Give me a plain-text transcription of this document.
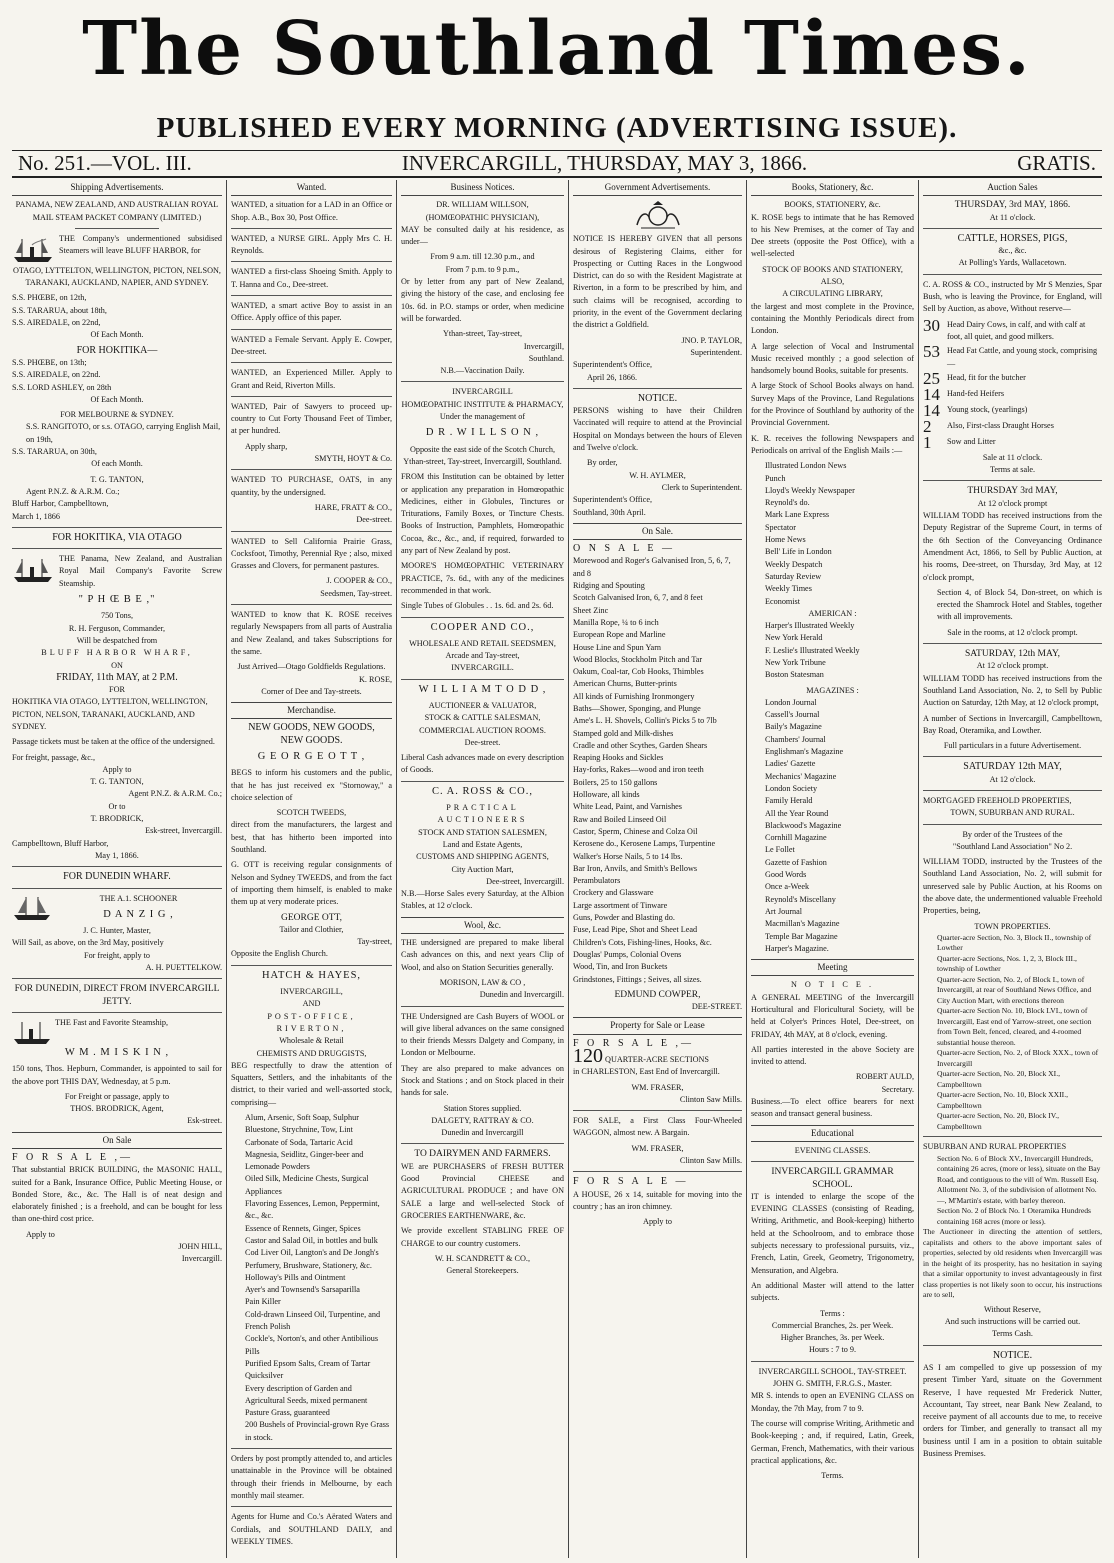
The Southland Times.
PUBLISHED EVERY MORNING (ADVERTISING ISSUE).
No. 251.—VOL. III.	INVERCARGILL, THURSDAY, MAY 3, 1866.	GRATIS.
Shipping Advertisements.
PANAMA, NEW ZEALAND, AND AUSTRALIAN ROYAL MAIL STEAM PACKET COMPANY (LIMITED.)
THE Company's undermentioned subsidised Steamers will leave BLUFF HARBOR, for
OTAGO, LYTTELTON, WELLINGTON, PICTON, NELSON, TARANAKI, AUCKLAND, NAPIER, AND SYDNEY.
S.S. PHŒBE, on 12th,
S.S. TARARUA, about 18th,
S.S. AIREDALE, on 22nd,
Of Each Month.
FOR HOKITIKA—
S.S. PHŒBE, on 13th;
S.S. AIREDALE, on 22nd.
S.S. LORD ASHLEY, on 28th
Of Each Month.
FOR MELBOURNE & SYDNEY.
S.S. RANGITOTO, or s.s. OTAGO, carrying English Mail, on 19th,
S.S. TARARUA, on 30th,
Of each Month.
T. G. TANTON,
Agent P.N.Z. & A.R.M. Co.;
Bluff Harbor, Campbelltown,
March 1, 1866
FOR HOKITIKA, VIA OTAGO
THE Panama, New Zealand, and Australian Royal Mail Company's Favorite Screw Steamship.
" P H Œ B E ,"
750 Tons,
R. H. Ferguson, Commander,
Will be despatched from
BLUFF HARBOR WHARF,
ON
FRIDAY, 11th MAY, at 2 P.M.
FOR
HOKITIKA VIA OTAGO, LYTTELTON, WELLINGTON, PICTON, NELSON, TARANAKI, AUCKLAND, AND SYDNEY.
Passage tickets must be taken at the office of the undersigned.
For freight, passage, &c.,
Apply to
T. G. TANTON,
Agent P.N.Z. & A.R.M. Co.;
Or to
T. BRODRICK,
Esk-street, Invercargill.
Campbelltown, Bluff Harbor,
May 1, 1866.
FOR DUNEDIN WHARF.
THE A.1. SCHOONER
D A N Z I G ,
J. C. Hunter, Master,
Will Sail, as above, on the 3rd May, positively
For freight, apply to
A. H. PUETTELKOW.
FOR DUNEDIN, DIRECT FROM INVERCARGILL JETTY.
THE Fast and Favorite Steamship,
W M . M I S K I N ,
150 tons, Thos. Hepburn, Commander, is appointed to sail for the above port THIS DAY, Wednesday, at 5 p.m.
For Freight or passage, apply to
THOS. BRODRICK, Agent,
Esk-street.
On Sale
F O R S A L E ,—
That substantial BRICK BUILDING, the MASONIC HALL, suited for a Bank, Insurance Office, Public Meeting House, or Bonded Store, &c., &c. The Hall is of neat design and elaborately finished ; is a freehold, and can be bought for less than one-third cost price.
Apply to
JOHN HILL,
Invercargill.
Wanted.
WANTED, a situation for a LAD in an Office or Shop. A.B., Box 30, Post Office.
WANTED, a NURSE GIRL. Apply Mrs C. H. Reynolds.
WANTED a first-class Shoeing Smith. Apply to T. Hanna and Co., Dee-street.
WANTED, a smart active Boy to assist in an Office. Apply office of this paper.
WANTED a Female Servant. Apply E. Cowper, Dee-street.
WANTED, an Experienced Miller. Apply to Grant and Reid, Riverton Mills.
WANTED, Pair of Sawyers to proceed up-country to Cut Forty Thousand Feet of Timber, at per hundred.
Apply sharp,
SMYTH, HOYT & Co.
WANTED TO PURCHASE, OATS, in any quantity, by the undersigned.
HARE, FRATT & CO.,
Dee-street.
WANTED to Sell California Prairie Grass, Cocksfoot, Timothy, Perennial Rye ; also, mixed Grasses and Clovers, for permanent pastures.
J. COOPER & CO.,
Seedsmen, Tay-street.
WANTED to know that K. ROSE receives regularly Newspapers from all parts of Australia and New Zealand, and takes Subscriptions for the same.
Just Arrived—Otago Goldfields Regulations.
K. ROSE,
Corner of Dee and Tay-streets.
Merchandise.
NEW GOODS, NEW GOODS,
NEW GOODS.
G E O R G E O T T ,
BEGS to inform his customers and the public, that he has just received ex "Stornoway," a choice selection of
SCOTCH TWEEDS,
direct from the manufacturers, the largest and best, that has hitherto been imported into Southland.
G. OTT is receiving regular consignments of Nelson and Sydney TWEEDS, and from the fact of importing them himself, is enabled to make them up at very moderate prices.
GEORGE OTT,
Tailor and Clothier,
Tay-street,
Opposite the English Church.
HATCH & HAYES,
INVERCARGILL,
AND
POST-OFFICE, RIVERTON,
Wholesale & Retail
CHEMISTS AND DRUGGISTS,
BEG respectfully to draw the attention of Squatters, Settlers, and the inhabitants of the district, to their varied and well-assorted stock, comprising—
Alum, Arsenic, Soft Soap, Sulphur
Bluestone, Strychnine, Tow, Lint
Carbonate of Soda, Tartaric Acid
Magnesia, Seidlitz, Ginger-beer and Lemonade Powders
Oiled Silk, Medicine Chests, Surgical Appliances
Flavoring Essences, Lemon, Peppermint, &c., &c.
Essence of Rennets, Ginger, Spices
Castor and Salad Oil, in bottles and bulk
Cod Liver Oil, Langton's and De Jongh's
Perfumery, Brushware, Stationery, &c.
Holloway's Pills and Ointment
Ayer's and Townsend's Sarsaparilla
Pain Killer
Cold-drawn Linseed Oil, Turpentine, and French Polish
Cockle's, Norton's, and other Antibilious Pills
Purified Epsom Salts, Cream of Tartar
Quicksilver
Every description of Garden and Agricultural Seeds, mixed permanent Pasture Grass, guaranteed
200 Bushels of Provincial-grown Rye Grass in stock.
Orders by post promptly attended to, and articles unattainable in the Province will be obtained through their friends in Melbourne, by each monthly mail steamer.
Agents for Hume and Co.'s Aërated Waters and Cordials, and SOUTHLAND DAILY, and WEEKLY TIMES.
Business Notices.
DR. WILLIAM WILLSON,
(HOMŒOPATHIC PHYSICIAN),
MAY be consulted daily at his residence, as under—
From 9 a.m. till 12.30 p.m., and
From 7 p.m. to 9 p.m.,
Or by letter from any part of New Zealand, giving the history of the case, and enclosing fee 10s. 6d. in P.O. stamps or order, when medicine will be forwarded.
Ythan-street, Tay-street,
Invercargill,
Southland.
N.B.—Vaccination Daily.
INVERCARGILL
HOMŒOPATHIC INSTITUTE & PHARMACY,
Under the management of
D R . W I L L S O N ,
Opposite the east side of the Scotch Church, Ythan-street, Tay-street, Invercargill, Southland.
FROM this Institution can be obtained by letter or application any preparation in Homœopathic Medicines, either in Globules, Tinctures or Triturations, Family Boxes, or Tincture Chests. Books of Instruction, Pamphlets, Homœopathic Cocoa, &c., &c., and, if required, forwarded to any part of New Zealand by post.
MOORE'S HOMŒOPATHIC VETERINARY PRACTICE, 7s. 6d., with any of the medicines recommended in that work.
Single Tubes of Globules . . 1s. 6d. and 2s. 6d.
COOPER AND CO.,
WHOLESALE AND RETAIL SEEDSMEN,
Arcade and Tay-street,
INVERCARGILL.
W I L L I A M T O D D ,
AUCTIONEER & VALUATOR,
STOCK & CATTLE SALESMAN,
COMMERCIAL AUCTION ROOMS.
Dee-street.
Liberal Cash advances made on every description of Goods.
C. A. ROSS & CO.,
PRACTICAL AUCTIONEERS
STOCK AND STATION SALESMEN,
Land and Estate Agents,
CUSTOMS AND SHIPPING AGENTS,
City Auction Mart,
Dee-street, Invercargill.
N.B.—Horse Sales every Saturday, at the Albion Stables, at 12 o'clock.
Wool, &c.
THE undersigned are prepared to make liberal Cash advances on this, and next years Clip of Wool, and also on Station Securities generally.
MORISON, LAW & CO ,
Dunedin and Invercargill.
THE Undersigned are Cash Buyers of WOOL or will give liberal advances on the same consigned to their friends Messrs Dalgety and Company, in London or Melbourne.
They are also prepared to make advances on Stock and Stations ; and on Stock placed in their hands for sale.
Station Stores supplied.
DALGETY, RATTRAY & CO.
Dunedin and Invercargill
TO DAIRYMEN AND FARMERS.
WE are PURCHASERS of FRESH BUTTER Good Provincial CHEESE and AGRICULTURAL PRODUCE ; and have ON SALE a large and well-selected Stock of GROCERIES EARTHENWARE, &c.
We provide excellent STABLING FREE OF CHARGE to our country customers.
W. H. SCANDRETT & CO.,
General Storekeepers.
Government Advertisements.
NOTICE IS HEREBY GIVEN that all persons desirous of Registering Claims, either for Prospecting or Cutting Races in the Longwood District, can do so with the Resident Magistrate at Riverton, in a form to be prescribed by him, and such claims will be recognised, according to priority, in the event of the Government declaring the district a Goldfield.
JNO. P. TAYLOR,
Superintendent.
Superintendent's Office,
April 26, 1866.
NOTICE.
PERSONS wishing to have their Children Vaccinated will require to attend at the Provincial Hospital on Mondays between the hours of Eleven and Twelve o'clock.
By order,
W. H. AYLMER,
Clerk to Superintendent.
Superintendent's Office,
Southland, 30th April.
On Sale.
O N S A L E —
Morewood and Roger's Galvanised Iron, 5, 6, 7, and 8
Ridging and Spouting
Scotch Galvanised Iron, 6, 7, and 8 feet
Sheet Zinc
Manilla Rope, ¼ to 6 inch
European Rope and Marline
House Line and Spun Yarn
Wood Blocks, Stockholm Pitch and Tar
Oakum, Coal-tar, Cob Hooks, Thimbles
American Churns, Butter-prints
All kinds of Furnishing Ironmongery
Baths—Shower, Sponging, and Plunge
Ame's L. H. Shovels, Collin's Picks 5 to 7lb
Stamped gold and Milk-dishes
Cradle and other Scythes, Garden Shears
Reaping Hooks and Sickles
Hay-forks, Rakes—wood and iron teeth
Boilers, 25 to 150 gallons
Holloware, all kinds
White Lead, Paint, and Varnishes
Raw and Boiled Linseed Oil
Castor, Sperm, Chinese and Colza Oil
Kerosene do., Kerosene Lamps, Turpentine
Walker's Horse Nails, 5 to 14 lbs.
Bar Iron, Anvils, and Smith's Bellows
Perambulators
Crockery and Glassware
Large assortment of Tinware
Guns, Powder and Blasting do.
Fuse, Lead Pipe, Shot and Sheet Lead
Children's Cots, Fishing-lines, Hooks, &c.
Douglas' Pumps, Colonial Ovens
Wood, Tin, and Iron Buckets
Grindstones, Fittings ; Seives, all sizes.
EDMUND COWPER,
DEE-STREET.
Property for Sale or Lease
F O R S A L E ,—
120 QUARTER-ACRE SECTIONS
in CHARLESTON, East End of Invercargill.
WM. FRASER,
Clinton Saw Mills.
FOR SALE, a First Class Four-Wheeled WAGGON, almost new. A Bargain.
WM. FRASER,
Clinton Saw Mills.
F O R S A L E —
A HOUSE, 26 x 14, suitable for moving into the country ; has an iron chimney.
Apply to
Books, Stationery, &c.
BOOKS, STATIONERY, &c.
K. ROSE begs to intimate that he has Removed to his New Premises, at the corner of Tay and Dee streets (opposite the Post Office), with a well-selected
STOCK OF BOOKS AND STATIONERY,
ALSO,
A CIRCULATING LIBRARY,
the largest and most complete in the Province, containing the Monthly Periodicals direct from London.
A large selection of Vocal and Instrumental Music received monthly ; a good selection of handsomely bound Books, suitable for presents.
A large Stock of School Books always on hand. Survey Maps of the Province, Land Regulations for the Province of Southland by authority of the Provincial Government.
K. R. receives the following Newspapers and Periodicals on arrival of the English Mails :—
Illustrated London News
Punch
Lloyd's Weekly Newspaper
Reynold's do.
Mark Lane Express
Spectator
Home News
Bell' Life in London
Weekly Despatch
Saturday Review
Weekly Times
Economist
AMERICAN :
Harper's Illustrated Weekly
New York Herald
F. Leslie's Illustrated Weekly
New York Tribune
Boston Statesman
MAGAZINES :
London Journal
Cassell's Journal
Baily's Magazine
Chambers' Journal
Englishman's Magazine
Ladies' Gazette
Mechanics' Magazine
London Society
Family Herald
All the Year Round
Blackwood's Magazine
Cornhill Magazine
Le Follet
Gazette of Fashion
Good Words
Once a-Week
Reynold's Miscellany
Art Journal
Macmillan's Magazine
Temple Bar Magazine
Harper's Magazine.
Meeting
N O T I C E .
A GENERAL MEETING of the Invercargill Horticultural and Floricultural Society, will be held at Colyer's Princes Hotel, Dee-street, on FRIDAY, 4th MAY, at 8 o'clock, evening.
All parties interested in the above Society are invited to attend.
ROBERT AULD,
Secretary.
Business.—To elect office bearers for next season and transact general business.
Educational
EVENING CLASSES.
INVERCARGILL GRAMMAR SCHOOL.
IT is intended to enlarge the scope of the EVENING CLASSES (consisting of Reading, Writing, Arithmetic, and Book-keeping) hitherto held at the Schoolroom, and to embrace those subjects necessary to professional pursuits, viz., French, Latin, Greek, Geometry, Trigonometry, Mensuration, and Algebra.
An additional Master will attend to the latter subjects.
Terms :
Commercial Branches, 2s. per Week.
Higher Branches, 3s. per Week.
Hours : 7 to 9.
INVERCARGILL SCHOOL, TAY-STREET.
JOHN G. SMITH, F.R.G.S., Master.
MR S. intends to open an EVENING CLASS on Monday, the 7th May, from 7 to 9.
The course will comprise Writing, Arithmetic and Book-keeping ; and, if required, Latin, Greek, German, French, Mathematics, with their various practical applications, &c.
Terms.
Auction Sales
THURSDAY, 3rd MAY, 1866.
At 11 o'clock.
CATTLE, HORSES, PIGS,
&c., &c.
At Polling's Yards, Wallacetown.
C. A. ROSS & CO., instructed by Mr S Menzies, Spar Bush, who is leaving the Province, for England, will Sell by Auction, as above, Without reserve—
30 Head Dairy Cows, in calf, and with calf at foot, all quiet, and good milkers.
53 Head Fat Cattle, and young stock, comprising—
25 Head, fit for the butcher
14 Hand-fed Heifers
14 Young stock, (yearlings)
2	Also, First-class Draught Horses
1	Sow and Litter
Sale at 11 o'clock.
Terms at sale.
THURSDAY 3rd MAY,
At 12 o'clock prompt
WILLIAM TODD has received instructions from the Deputy Registrar of the Supreme Court, in terms of the 6th Section of the Conveyancing Ordinance Amendment Act, 1866, to Sell by Public Auction, at his rooms, Dee-street, on Thursday, 3rd May, at 12 o'clock prompt,
Section 4, of Block 54, Don-street, on which is erected the Shamrock Hotel and Stables, together with all improvements.
Sale in the rooms, at 12 o'clock prompt.
SATURDAY, 12th MAY,
At 12 o'clock prompt.
WILLIAM TODD has received instructions from the Southland Land Association, No. 2, to Sell by Public Auction on Saturday, 12th May, at 12 o'clock prompt,
A number of Sections in Invercargill, Campbelltown, Bay Road, Oteramika, and Lowther.
Full particulars in a future Advertisement.
SATURDAY 12th MAY,
At 12 o'clock.
MORTGAGED FREEHOLD PROPERTIES,
TOWN, SUBURBAN AND RURAL.
By order of the Trustees of the
"Southland Land Association" No 2.
WILLIAM TODD, instructed by the Trustees of the Southland Land Association, No. 2, will submit for unreserved sale by Public Auction, at his Rooms on the above date, the undermentioned valuable Freehold Properties, being,
TOWN PROPERTIES.
Quarter-acre Section, No. 3, Block II., township of Lowther
Quarter-acre Sections, Nos. 1, 2, 3, Block III., township of Lowther
Quarter-acre Section, No. 2, of Block I., town of Invercargill, at rear of Southland News Office, and City Auction Mart, with erections thereon
Quarter-acre Section No. 10, Block LVI., town of Invercargill, East end of Yarrow-street, one section from Town Belt, fenced, cleared, and 4-roomed substantial house thereon.
Quarter-acre Section, No. 2, of Block XXX., town of Invercargill
Quarter-acre Section, No. 20, Block XI., Campbelltown
Quarter-acre Section, No. 10, Block XXII., Campbelltown
Quarter-acre Section, No. 20, Block IV., Campbelltown
SUBURBAN AND RURAL PROPERTIES
Section No. 6 of Block XV., Invercargill Hundreds, containing 26 acres, (more or less), situate on the Bay Road, and contiguous to the vill of Wm. Russell Esq.
Allotment No. 3, of the subdivision of allotment No.—, M'Martin's estate, with barley thereon.
Section No. 2 of Block No. 1 Oteramika Hundreds containing 168 acres (more or less).
The Auctioneer in directing the attention of settlers, capitalists and others to the above important sales of properties, selected by old residents when Invercargill was in the height of its prosperity, has no hesitation in saying that a similar opportunity to invest advantageously in first class properties is not likely soon to occur, his instructions are to sell,
Without Reserve,
And such instructions will be carried out.
Terms Cash.
NOTICE.
AS I am compelled to give up possession of my present Timber Yard, situate on the Government Reserve, I have requested Mr Frederick Nutter, Accountant, Tay street, near Bank New Zealand, to receive payment of all accounts due to me, to receive orders for Timber, and generally to transact all my business until I am in a position to obtain suitable Business Premises.
